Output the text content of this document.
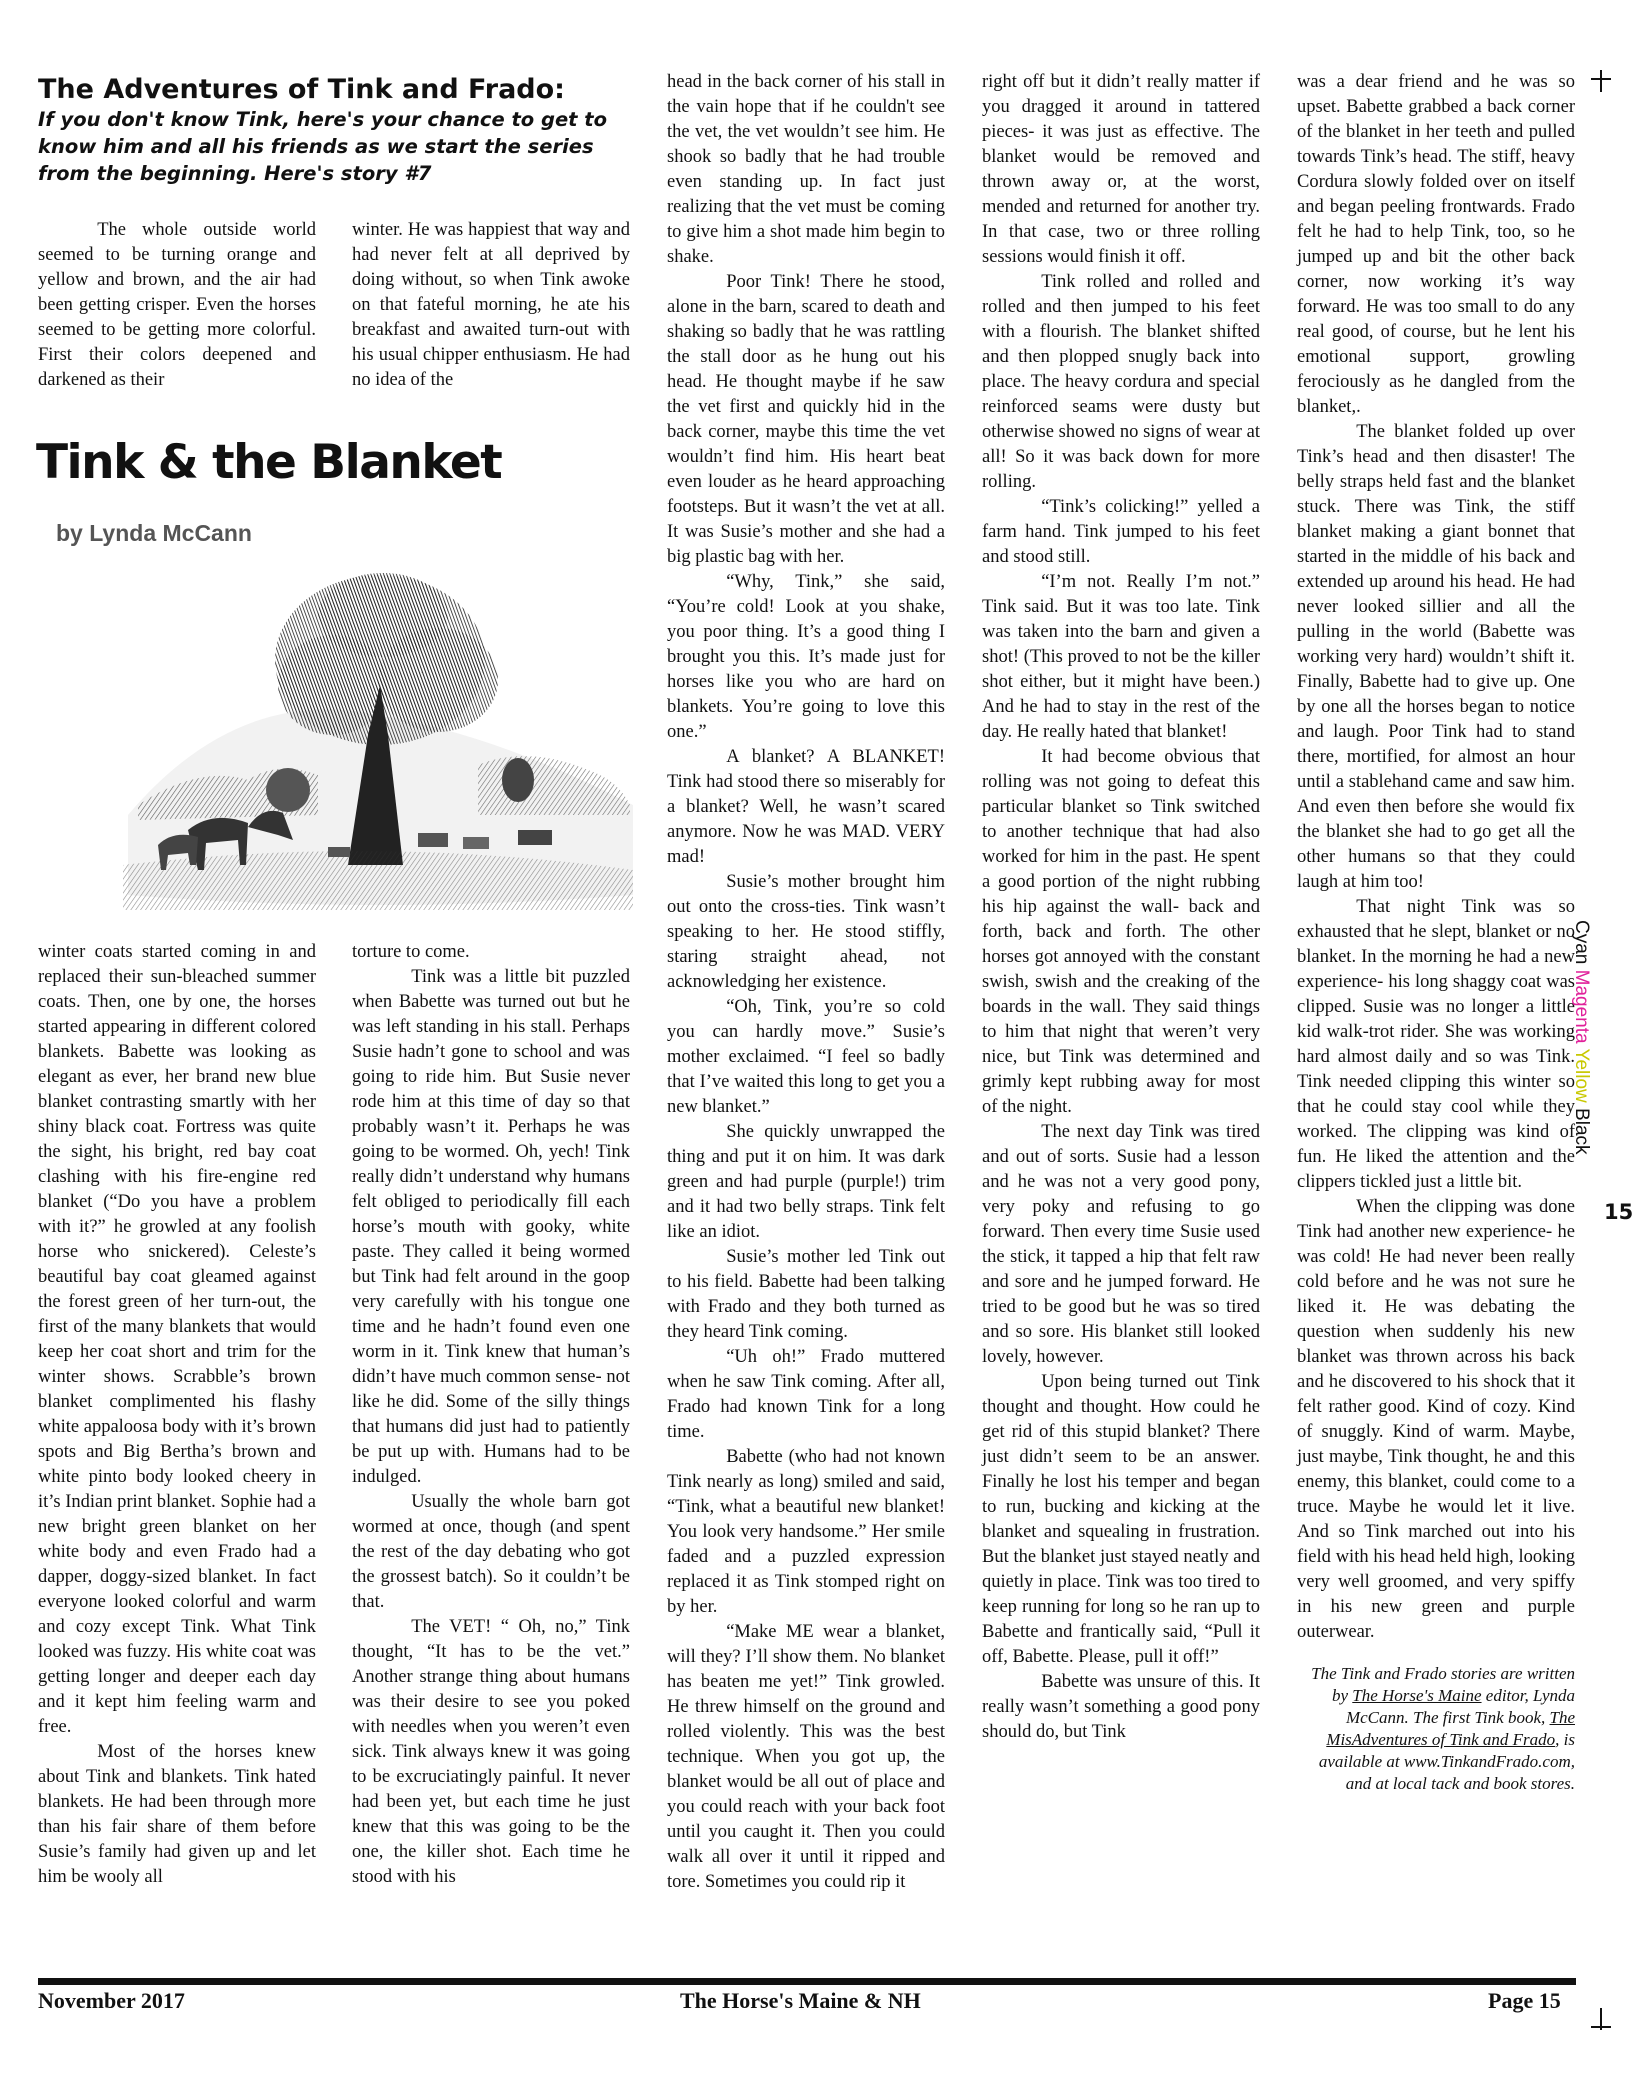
The Adventures of Tink and Frado:

If you don't know Tink, here's your chance to get to know him and all his friends as we start the series from the beginning. Here's story #7

The whole outside world seemed to be turning orange and yellow and brown, and the air had been getting crisper. Even the horses seemed to be getting more colorful. First their colors deepened and darkened as their

winter. He was happiest that way and had never felt at all deprived by doing without, so when Tink awoke on that fateful morning, he ate his breakfast and awaited turn-out with his usual chipper enthusiasm. He had no idea of the

Tink & the Blanket

by Lynda McCann

winter coats started coming in and replaced their sun-bleached summer coats. Then, one by one, the horses started appearing in different colored blankets. Babette was looking as elegant as ever, her brand new blue blanket contrasting smartly with her shiny black coat. Fortress was quite the sight, his bright, red bay coat clashing with his fire-engine red blanket (“Do you have a problem with it?” he growled at any foolish horse who snickered). Celeste’s beautiful bay coat gleamed against the forest green of her turn-out, the first of the many blankets that would keep her coat short and trim for the winter shows. Scrabble’s brown blanket complimented his flashy white appaloosa body with it’s brown spots and Big Bertha’s brown and white pinto body looked cheery in it’s Indian print blanket. Sophie had a new bright green blanket on her white body and even Frado had a dapper, doggy-sized blanket. In fact everyone looked colorful and warm and cozy except Tink. What Tink looked was fuzzy. His white coat was getting longer and deeper each day and it kept him feeling warm and free.

Most of the horses knew about Tink and blankets. Tink hated blankets. He had been through more than his fair share of them before Susie’s family had given up and let him be wooly all

torture to come.

Tink was a little bit puzzled when Babette was turned out but he was left standing in his stall. Perhaps Susie hadn’t gone to school and was going to ride him. But Susie never rode him at this time of day so that probably wasn’t it. Perhaps he was going to be wormed. Oh, yech! Tink really didn’t understand why humans felt obliged to periodically fill each horse’s mouth with gooky, white paste. They called it being wormed but Tink had felt around in the goop very carefully with his tongue one time and he hadn’t found even one worm in it. Tink knew that human’s didn’t have much common sense- not like he did. Some of the silly things that humans did just had to patiently be put up with. Humans had to be indulged.

Usually the whole barn got wormed at once, though (and spent the rest of the day debating who got the grossest batch). So it couldn’t be that.

The VET! “ Oh, no,” Tink thought, “It has to be the vet.” Another strange thing about humans was their desire to see you poked with needles when you weren’t even sick. Tink always knew it was going to be excruciatingly painful. It never had been yet, but each time he just knew that this was going to be the one, the killer shot. Each time he stood with his

head in the back corner of his stall in the vain hope that if he couldn't see the vet, the vet wouldn’t see him. He shook so badly that he had trouble even standing up. In fact just realizing that the vet must be coming to give him a shot made him begin to shake.

Poor Tink! There he stood, alone in the barn, scared to death and shaking so badly that he was rattling the stall door as he hung out his head. He thought maybe if he saw the vet first and quickly hid in the back corner, maybe this time the vet wouldn’t find him. His heart beat even louder as he heard approaching footsteps. But it wasn’t the vet at all. It was Susie’s mother and she had a big plastic bag with her.

“Why, Tink,” she said, “You’re cold! Look at you shake, you poor thing. It’s a good thing I brought you this. It’s made just for horses like you who are hard on blankets. You’re going to love this one.”

A blanket? A BLANKET! Tink had stood there so miserably for a blanket? Well, he wasn’t scared anymore. Now he was MAD. VERY mad!

Susie’s mother brought him out onto the cross-ties. Tink wasn’t speaking to her. He stood stiffly, staring straight ahead, not acknowledging her existence.

“Oh, Tink, you’re so cold you can hardly move.” Susie’s mother exclaimed. “I feel so badly that I’ve waited this long to get you a new blanket.”

She quickly unwrapped the thing and put it on him. It was dark green and had purple (purple!) trim and it had two belly straps. Tink felt like an idiot.

Susie’s mother led Tink out to his field. Babette had been talking with Frado and they both turned as they heard Tink coming.

“Uh oh!” Frado muttered when he saw Tink coming. After all, Frado had known Tink for a long time.

Babette (who had not known Tink nearly as long) smiled and said, “Tink, what a beautiful new blanket! You look very handsome.” Her smile faded and a puzzled expression replaced it as Tink stomped right on by her.

“Make ME wear a blanket, will they? I’ll show them. No blanket has beaten me yet!” Tink growled. He threw himself on the ground and rolled violently. This was the best technique. When you got up, the blanket would be all out of place and you could reach with your back foot until you caught it. Then you could walk all over it until it ripped and tore. Sometimes you could rip it

right off but it didn’t really matter if you dragged it around in tattered pieces- it was just as effective. The blanket would be removed and thrown away or, at the worst, mended and returned for another try. In that case, two or three rolling sessions would finish it off.

Tink rolled and rolled and rolled and then jumped to his feet with a flourish. The blanket shifted and then plopped snugly back into place. The heavy cordura and special reinforced seams were dusty but otherwise showed no signs of wear at all! So it was back down for more rolling.

“Tink’s colicking!” yelled a farm hand. Tink jumped to his feet and stood still.

“I’m not. Really I’m not.” Tink said. But it was too late. Tink was taken into the barn and given a shot! (This proved to not be the killer shot either, but it might have been.) And he had to stay in the rest of the day. He really hated that blanket!

It had become obvious that rolling was not going to defeat this particular blanket so Tink switched to another technique that had also worked for him in the past. He spent a good portion of the night rubbing his hip against the wall- back and forth, back and forth. The other horses got annoyed with the constant swish, swish and the creaking of the boards in the wall. They said things to him that night that weren’t very nice, but Tink was determined and grimly kept rubbing away for most of the night.

The next day Tink was tired and out of sorts. Susie had a lesson and he was not a very good pony, very poky and refusing to go forward. Then every time Susie used the stick, it tapped a hip that felt raw and sore and he jumped forward. He tried to be good but he was so tired and so sore. His blanket still looked lovely, however.

Upon being turned out Tink thought and thought. How could he get rid of this stupid blanket? There just didn’t seem to be an answer. Finally he lost his temper and began to run, bucking and kicking at the blanket and squealing in frustration. But the blanket just stayed neatly and quietly in place. Tink was too tired to keep running for long so he ran up to Babette and frantically said, “Pull it off, Babette. Please, pull it off!”

Babette was unsure of this. It really wasn’t something a good pony should do, but Tink

was a dear friend and he was so upset. Babette grabbed a back corner of the blanket in her teeth and pulled towards Tink’s head. The stiff, heavy Cordura slowly folded over on itself and began peeling frontwards. Frado felt he had to help Tink, too, so he jumped up and bit the other back corner, now working it’s way forward. He was too small to do any real good, of course, but he lent his emotional support, growling ferociously as he dangled from the blanket,.

The blanket folded up over Tink’s head and then disaster! The belly straps held fast and the blanket stuck. There was Tink, the stiff blanket making a giant bonnet that started in the middle of his back and extended up around his head. He had never looked sillier and all the pulling in the world (Babette was working very hard) wouldn’t shift it. Finally, Babette had to give up. One by one all the horses began to notice and laugh. Poor Tink had to stand there, mortified, for almost an hour until a stablehand came and saw him. And even then before she would fix the blanket she had to go get all the other humans so that they could laugh at him too!

That night Tink was so exhausted that he slept, blanket or no blanket. In the morning he had a new experience- his long shaggy coat was clipped. Susie was no longer a little kid walk-trot rider. She was working hard almost daily and so was Tink. Tink needed clipping this winter so that he could stay cool while they worked. The clipping was kind of fun. He liked the attention and the clippers tickled just a little bit.

When the clipping was done Tink had another new experience- he was cold! He had never been really cold before and he was not sure he liked it. He was debating the question when suddenly his new blanket was thrown across his back and he discovered to his shock that it felt rather good. Kind of cozy. Kind of snuggly. Kind of warm. Maybe, just maybe, Tink thought, he and this enemy, this blanket, could come to a truce. Maybe he would let it live. And so Tink marched out into his field with his head held high, looking very well groomed, and very spiffy in his new green and purple outerwear.

The Tink and Frado stories are written by The Horse's Maine editor, Lynda McCann. The first Tink book, The MisAdventures of Tink and Frado, is available at www.TinkandFrado.com, and at local tack and book stores.

November 2017	The Horse's Maine & NH	Page 15

Cyan Magenta Yellow Black
15
